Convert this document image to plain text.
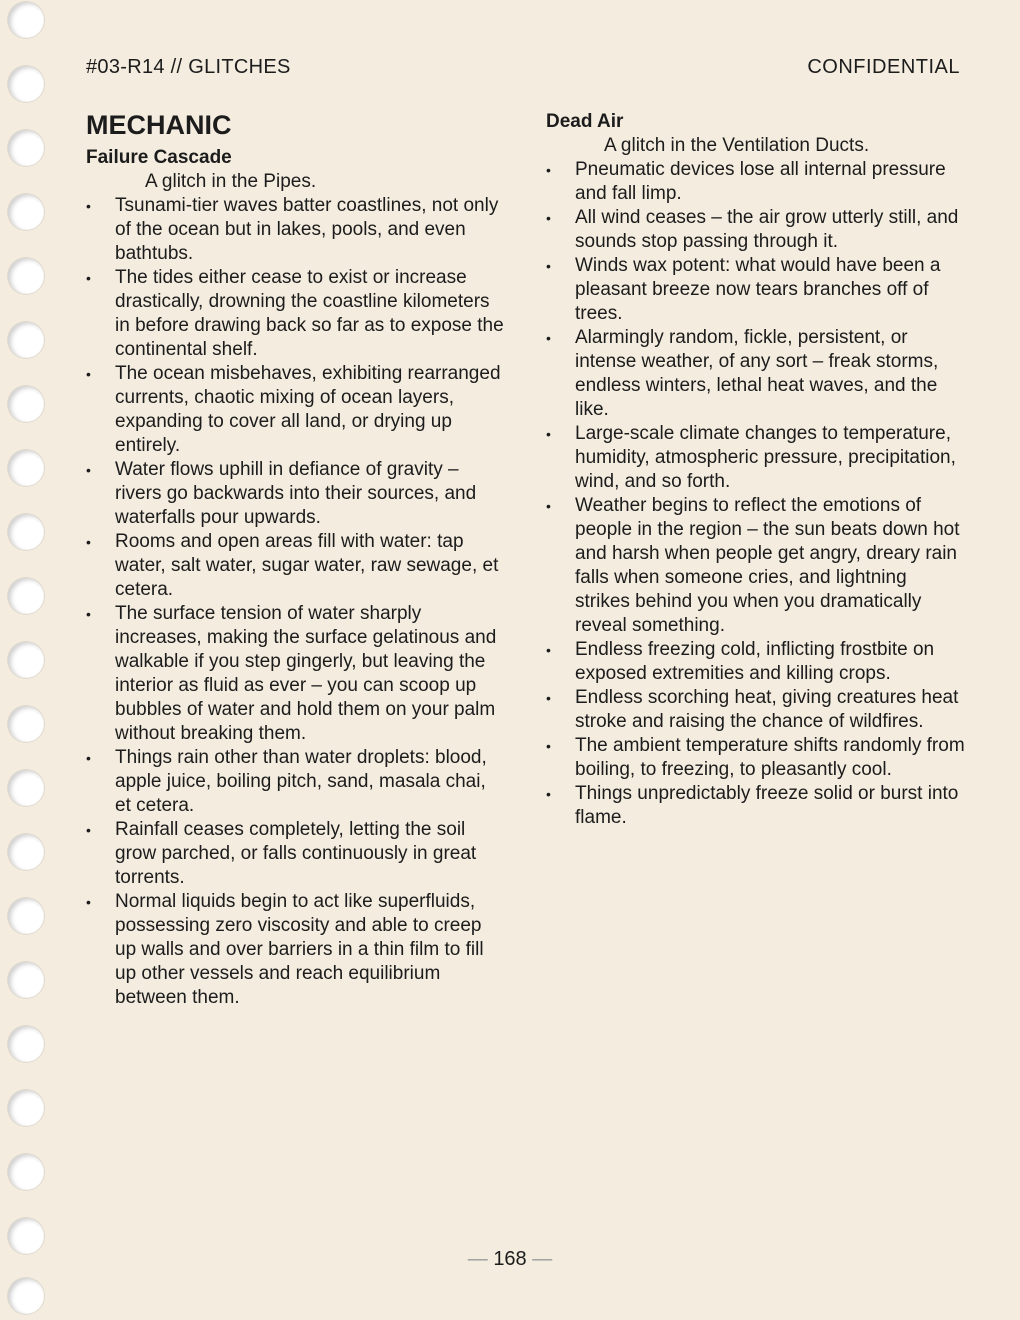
#03-R14 // GLITCHES	CONFIDENTIAL
MECHANIC
Failure Cascade

A glitch in the Pipes.

• Tsunami-tier waves batter coastlines, not only of the ocean but in lakes, pools, and even bathtubs.
• The tides either cease to exist or increase drastically, drowning the coastline kilometers in before drawing back so far as to expose the continental shelf.
• The ocean misbehaves, exhibiting rearranged currents, chaotic mixing of ocean layers, expanding to cover all land, or drying up entirely.
• Water flows uphill in defiance of gravity – rivers go backwards into their sources, and waterfalls pour upwards.
• Rooms and open areas fill with water: tap water, salt water, sugar water, raw sewage, et cetera.
• The surface tension of water sharply increases, making the surface gelatinous and walkable if you step gingerly, but leaving the interior as fluid as ever – you can scoop up bubbles of water and hold them on your palm without breaking them.
• Things rain other than water droplets: blood, apple juice, boiling pitch, sand, masala chai, et cetera.
• Rainfall ceases completely, letting the soil grow parched, or falls continuously in great torrents.
• Normal liquids begin to act like superfluids, possessing zero viscosity and able to creep up walls and over barriers in a thin film to fill up other vessels and reach equilibrium between them.
Dead Air

A glitch in the Ventilation Ducts.

• Pneumatic devices lose all internal pressure and fall limp.
• All wind ceases – the air grow utterly still, and sounds stop passing through it.
• Winds wax potent: what would have been a pleasant breeze now tears branches off of trees.
• Alarmingly random, fickle, persistent, or intense weather, of any sort – freak storms, endless winters, lethal heat waves, and the like.
• Large-scale climate changes to temperature, humidity, atmospheric pressure, precipitation, wind, and so forth.
• Weather begins to reflect the emotions of people in the region – the sun beats down hot and harsh when people get angry, dreary rain falls when someone cries, and lightning strikes behind you when you dramatically reveal something.
• Endless freezing cold, inflicting frostbite on exposed extremities and killing crops.
• Endless scorching heat, giving creatures heat stroke and raising the chance of wildfires.
• The ambient temperature shifts randomly from boiling, to freezing, to pleasantly cool.
• Things unpredictably freeze solid or burst into flame.
— 168 —
